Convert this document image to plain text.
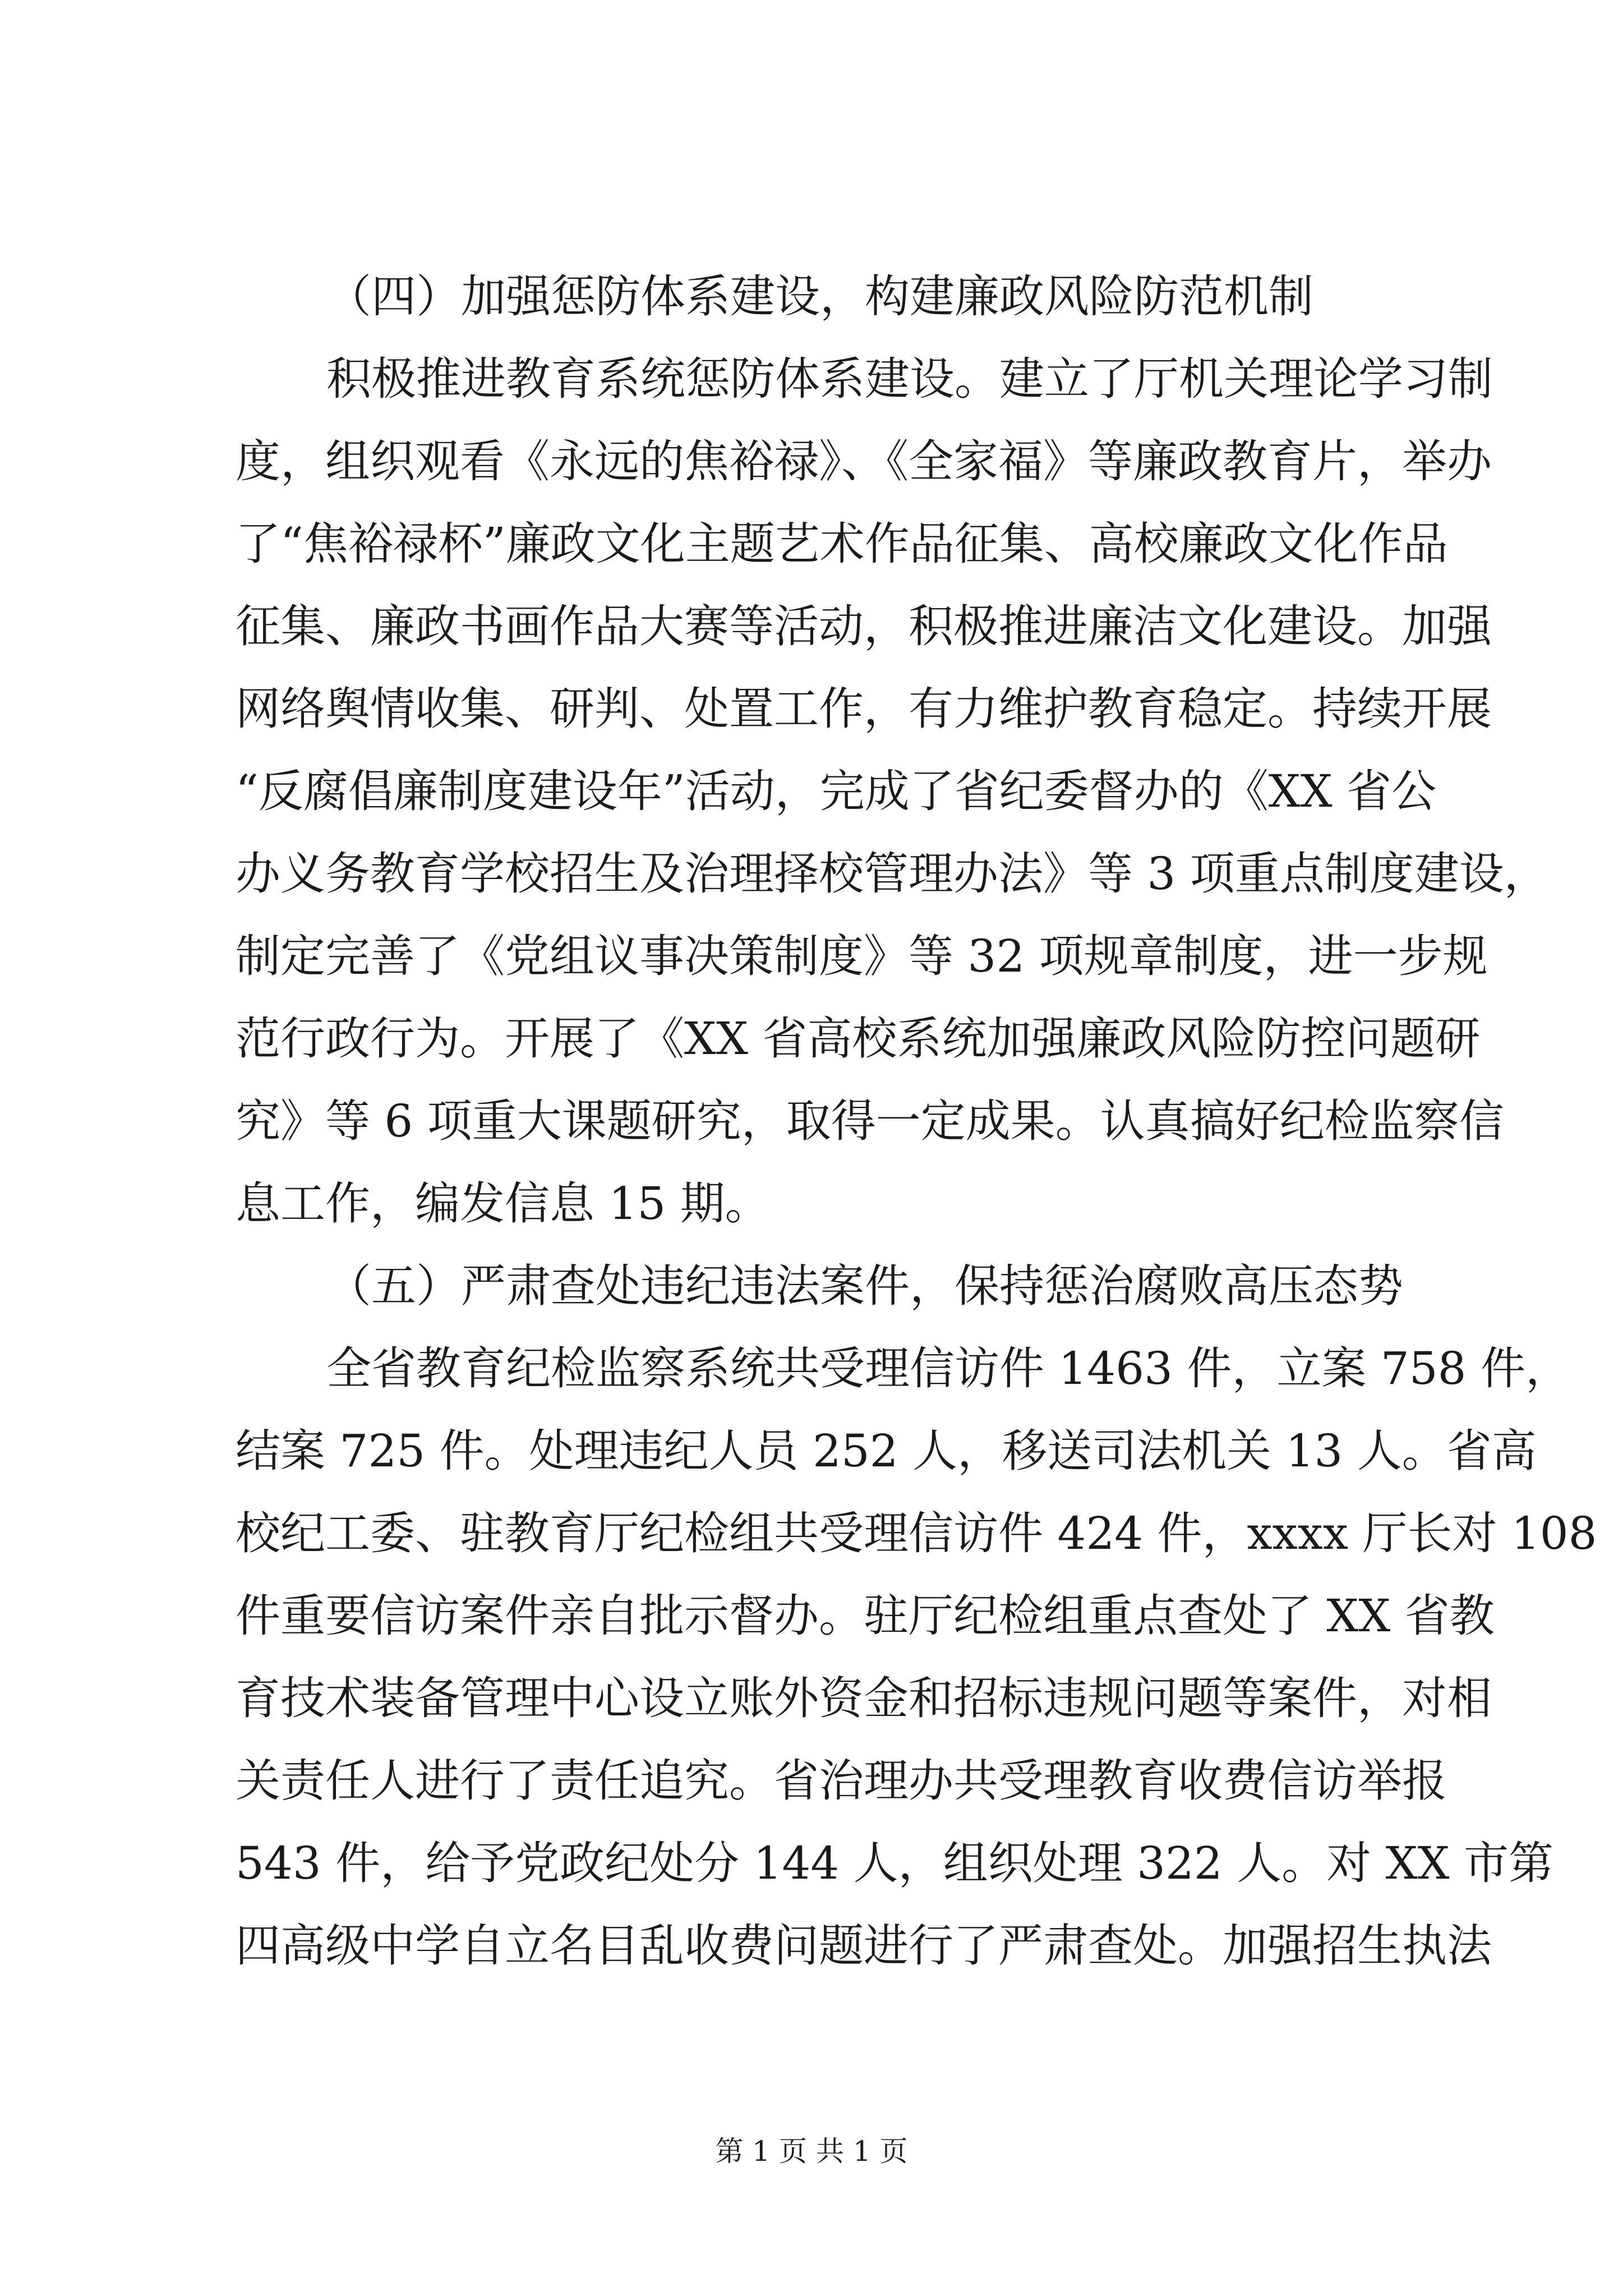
（四）加强惩防体系建设，构建廉政风险防范机制
积极推进教育系统惩防体系建设。建立了厅机关理论学习制
度，组织观看《永远的焦裕禄》、《全家福》等廉政教育片，举办
了“焦裕禄杯”廉政文化主题艺术作品征集、高校廉政文化作品
征集、廉政书画作品大赛等活动，积极推进廉洁文化建设。加强
网络舆情收集、研判、处置工作，有力维护教育稳定。持续开展
“反腐倡廉制度建设年”活动，完成了省纪委督办的《XX 省公
办义务教育学校招生及治理择校管理办法》等 3 项重点制度建设，
制定完善了《党组议事决策制度》等 32 项规章制度，进一步规
范行政行为。开展了《XX 省高校系统加强廉政风险防控问题研
究》等 6 项重大课题研究，取得一定成果。认真搞好纪检监察信
息工作，编发信息 15 期。
（五）严肃查处违纪违法案件，保持惩治腐败高压态势
全省教育纪检监察系统共受理信访件 1463 件，立案 758 件，
结案 725 件。处理违纪人员 252 人，移送司法机关 13 人。省高
校纪工委、驻教育厅纪检组共受理信访件 424 件，xxxx 厅长对 108
件重要信访案件亲自批示督办。驻厅纪检组重点查处了 XX 省教
育技术装备管理中心设立账外资金和招标违规问题等案件，对相
关责任人进行了责任追究。省治理办共受理教育收费信访举报
543 件，给予党政纪处分 144 人，组织处理 322 人。对 XX 市第
四高级中学自立名目乱收费问题进行了严肃查处。加强招生执法
第 1 页 共 1 页
